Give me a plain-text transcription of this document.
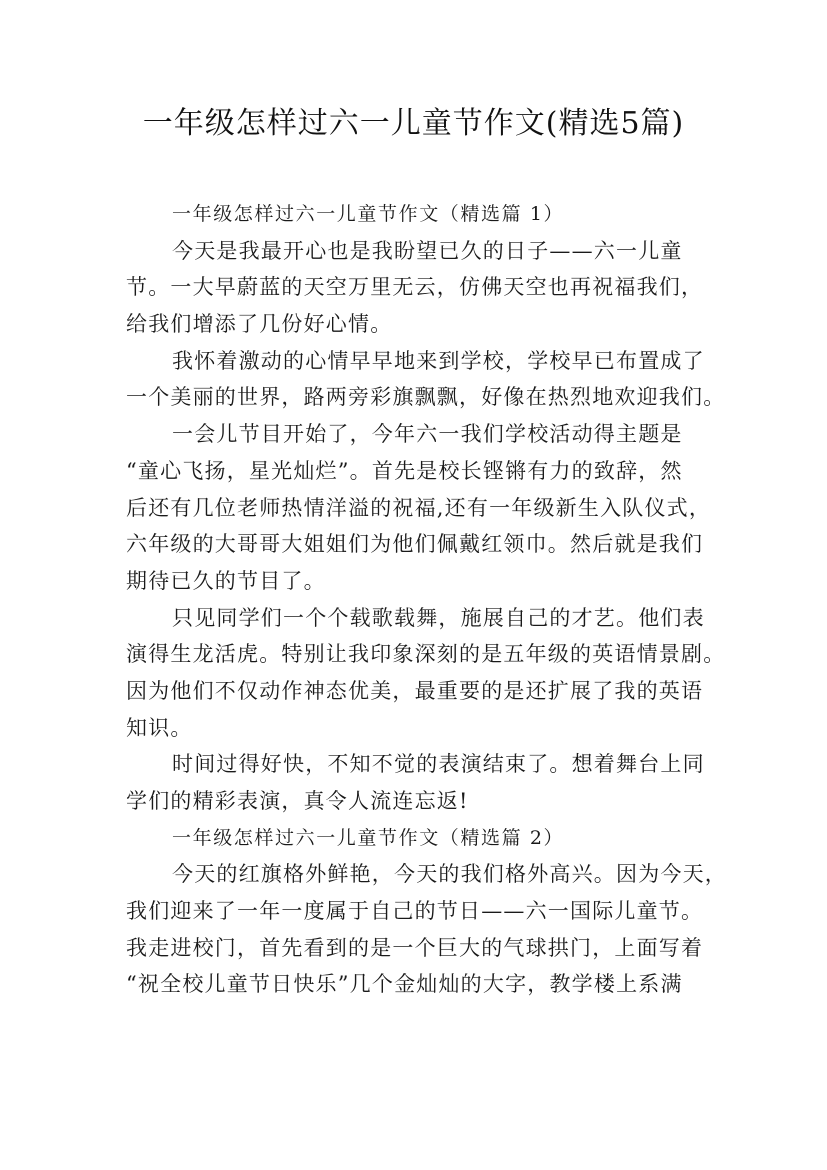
一年级怎样过六一儿童节作文(精选5篇)
一年级怎样过六一儿童节作文（精选篇 1）
今天是我最开心也是我盼望已久的日子——六一儿童
节。一大早蔚蓝的天空万里无云，仿佛天空也再祝福我们，
给我们增添了几份好心情。
我怀着激动的心情早早地来到学校，学校早已布置成了
一个美丽的世界，路两旁彩旗飘飘，好像在热烈地欢迎我们。
一会儿节目开始了，今年六一我们学校活动得主题是
“童心飞扬，星光灿烂”。首先是校长铿锵有力的致辞，然
后还有几位老师热情洋溢的祝福,还有一年级新生入队仪式，
六年级的大哥哥大姐姐们为他们佩戴红领巾。然后就是我们
期待已久的节目了。
只见同学们一个个载歌载舞，施展自己的才艺。他们表
演得生龙活虎。特别让我印象深刻的是五年级的英语情景剧。
因为他们不仅动作神态优美，最重要的是还扩展了我的英语
知识。
时间过得好快，不知不觉的表演结束了。想着舞台上同
学们的精彩表演，真令人流连忘返!
一年级怎样过六一儿童节作文（精选篇 2）
今天的红旗格外鲜艳，今天的我们格外高兴。因为今天，
我们迎来了一年一度属于自己的节日——六一国际儿童节。
我走进校门，首先看到的是一个巨大的气球拱门，上面写着
“祝全校儿童节日快乐”几个金灿灿的大字，教学楼上系满
